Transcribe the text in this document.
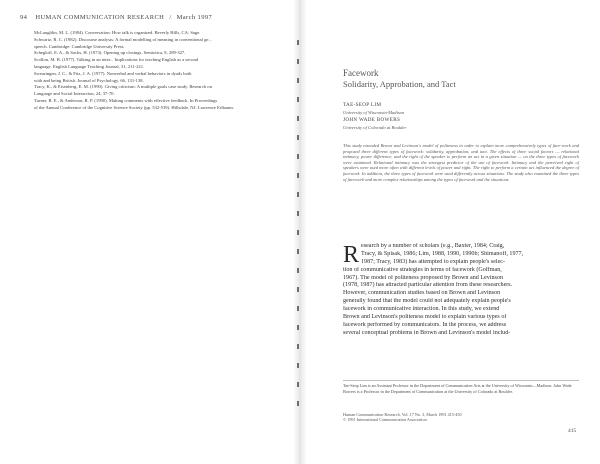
94 HUMAN COMMUNICATION RESEARCH / March 1997
McLaughlin, M. L. (1984). Conversation: How talk is organized. Beverly Hills, CA: Sage.
Schwartz, R. C. (1982). Discourse analysis: A formal modelling of meaning in conventional ge...
speech. Cambridge: Cambridge University Press.
Schegloff, E. A., & Sacks, H. (1973). Opening up closings. Semiotica, 8, 289-327.
Scollon, M. B. (1977). Talking in an inter... Implications for teaching English as a second
language. English Language Teaching Journal, 31, 211-221.
Swearingen, J. C., & Fitz, J. A. (1977). Nonverbal and verbal behaviors in dyads both
with and being British. Journal of Psychology, 66, 131-138.
Tracy, K., & Eisenberg, E. M. (1990). Giving criticism: A multiple goals case study. Research on
Language and Social Interaction, 24, 37-70.
Turner, R. E., & Anderson, R. P. (1990). Making comments with effective feedback. In Proceedings
of the Annual Conference of the Cognitive Science Society (pp. 532-539). Hillsdale, NJ: Lawrence Erlbaum.
Facework
Solidarity, Approbation, and Tact
TAE-SEOP LIM
University of Wisconsin-Madison
JOHN WADE BOWERS
University of Colorado at Boulder

This study extended Brown and Levinson's model of politeness in order to explain more comprehensively types of face-work and proposed three different types of facework: solidarity, approbation, and tact. The effects of three social factors — relational intimacy, power difference, and the right of the speaker to perform an act in a given situation — on the three types of facework were examined. Relational intimacy was the strongest predictor of the use of facework. Intimacy and the perceived right of speakers were used more often with different levels of power and right. The right to perform a certain act influenced the degree of facework. In addition, the three types of facework were used differently across situations. The study also examined the three types of facework and more complex relationships among the types of facework and the situations.

R esearch by a number of scholars (e.g., Baxter, 1984; Craig,
Tracy, & Spisak, 1986; Lim, 1988, 1990, 1990b; Shimanoff, 1977,
1987; Tracy, 1983) has attempted to explain people's selec-
tion of communicative strategies in terms of facework (Goffman,
1967). The model of politeness proposed by Brown and Levinson
(1978, 1987) has attracted particular attention from these researchers.
However, communication studies based on Brown and Levinson
generally found that the model could not adequately explain people's
facework in communicative interaction. In this study, we extend
Brown and Levinson's politeness model to explain various types of
facework performed by communicators. In the process, we address
several conceptual problems in Brown and Levinson's model includ-

Tae-Seop Lim is an Assistant Professor in the Department of Communication Arts at the University of Wisconsin—Madison. John Wade Bowers is a Professor in the Department of Communication at the University of Colorado at Boulder.

Human Communication Research, Vol. 17 No. 3, March 1991 415-450
© 1991 International Communication Association
415
